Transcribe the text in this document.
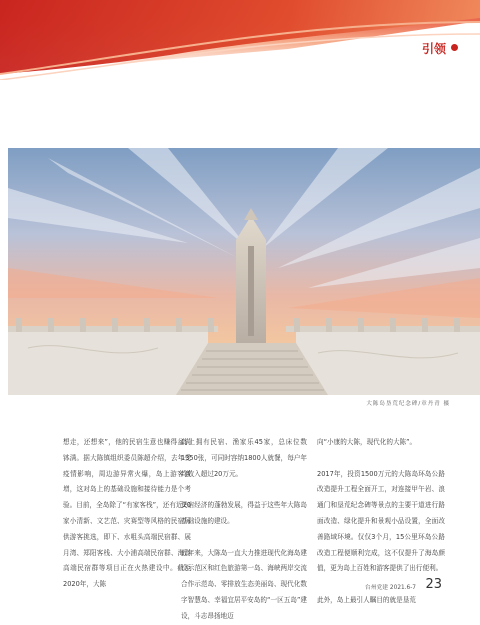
引领
大陈岛垦荒纪念碑/章丹青 摄

想走，还想来”，他的民宿生意也赚得盆满钵满。据大陈镇组织委员陈超介绍，去年受疫情影响，周边游异常火爆，岛上游客激增，这对岛上的基础设施和接待能力是个考验。目前，全岛除了“有家客栈”，还有近20家小清新、文艺范、灾赛型等风格的民宿可供游客挑选，即下、水咀头高端民宿群、展月湾、郑阳客栈、大小浦高端民宿群、海岛高端民宿群等项目正在火热建设中。截至2020年，大陈

岛上拥有民宿、渔家乐45家，总床位数1350张，可同时容纳1800人就餐，每户年均收入超过20万元。

民宿经济的蓬勃发展，得益于这些年大陈岛基础设施的建设。

近年来，大陈岛一直大力推进现代化海岛建设示范区和红色旅游第一岛、海峡两岸交流合作示范岛、零排放生态美丽岛、现代化数字智慧岛、幸福宜居平安岛的“一区五岛”建设，斗志昂扬地迈

向“小康的大陈，现代化的大陈”。

2017年，投资1500万元的大陈岛环岛公路改造提升工程全面开工，对连接甲午岩、浪通门和垦荒纪念碑等景点的主要干道进行路面改造、绿化提升和景观小品设置，全面改善路域环境。仅仅3个月，15公里环岛公路改造工程便顺利完成，这不仅提升了海岛颜值，更为岛上百姓和游客提供了出行便利。

此外，岛上最引人瞩目的就是垦荒

台州党建 2021.6-7 23
